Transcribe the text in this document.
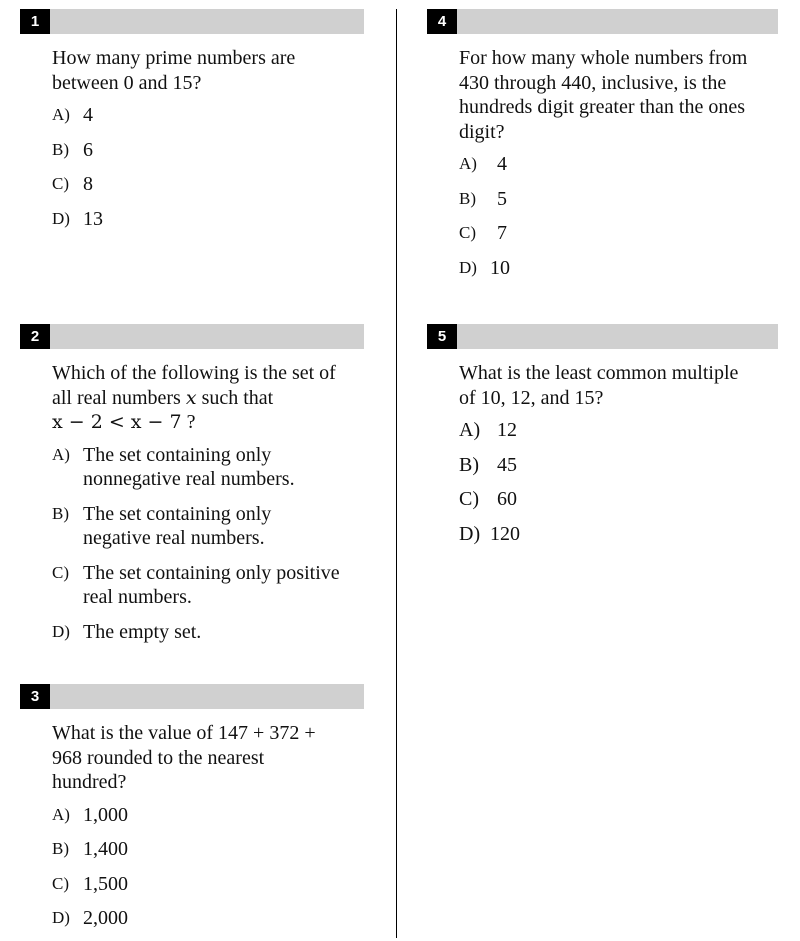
1
How many prime numbers are between 0 and 15?
A) 4
B) 6
C) 8
D) 13
2
Which of the following is the set of all real numbers x such that
x − 2 < x − 7 ?
A) The set containing only nonnegative real numbers.
B) The set containing only negative real numbers.
C) The set containing only positive real numbers.
D) The empty set.
3
What is the value of 147 + 372 + 968 rounded to the nearest hundred?
A) 1,000
B) 1,400
C) 1,500
D) 2,000
4
For how many whole numbers from 430 through 440, inclusive, is the hundreds digit greater than the ones digit?
A)	4
B)	5
C)	7
D) 10
5
What is the least common multiple of 10, 12, and 15?
A) 12
B) 45
C) 60
D) 120
